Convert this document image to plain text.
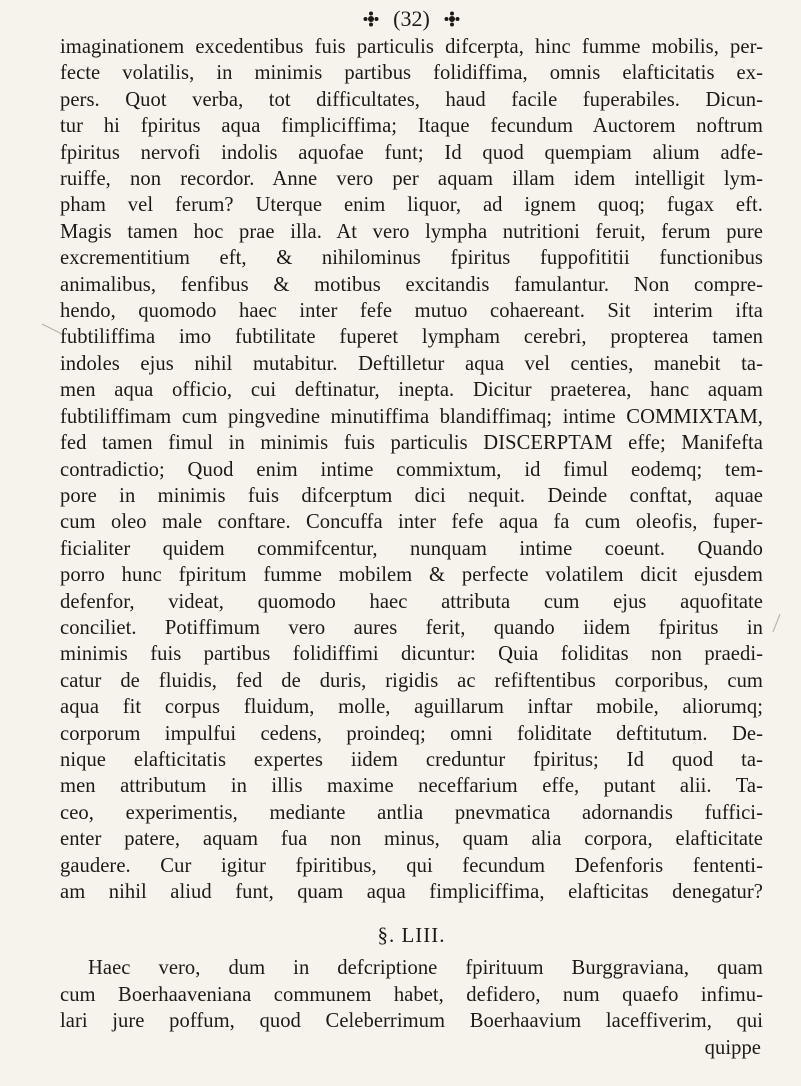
(32)

imaginationem excedentibus fuis particulis difcerpta, hinc fumme mobilis, per-

fecte volatilis, in minimis partibus folidiffima, omnis elafticitatis ex-

pers. Quot verba, tot difficultates, haud facile fuperabiles. Dicun-

tur hi fpiritus aqua fimpliciffima; Itaque fecundum Auctorem noftrum

fpiritus nervofi indolis aquofae funt; Id quod quempiam alium adfe-

ruiffe, non recordor. Anne vero per aquam illam idem intelligit lym-

pham vel ferum? Uterque enim liquor, ad ignem quoq; fugax eft.

Magis tamen hoc prae illa. At vero lympha nutritioni feruit, ferum pure

excrementitium eft, & nihilominus fpiritus fuppofititii functionibus

animalibus, fenfibus & motibus excitandis famulantur. Non compre-

hendo, quomodo haec inter fefe mutuo cohaereant. Sit interim ifta

fubtiliffima imo fubtilitate fuperet lympham cerebri, propterea tamen

indoles ejus nihil mutabitur. Deftilletur aqua vel centies, manebit ta-

men aqua officio, cui deftinatur, inepta. Dicitur praeterea, hanc aquam

fubtiliffimam cum pingvedine minutiffima blandiffimaq; intime COMMIXTAM,

fed tamen fimul in minimis fuis particulis DISCERPTAM effe; Manifefta

contradictio; Quod enim intime commixtum, id fimul eodemq; tem-

pore in minimis fuis difcerptum dici nequit. Deinde conftat, aquae

cum oleo male conftare. Concuffa inter fefe aqua fa cum oleofis, fuper-

ficialiter quidem commifcentur, nunquam intime coeunt. Quando

porro hunc fpiritum fumme mobilem & perfecte volatilem dicit ejusdem

defenfor, videat, quomodo haec attributa cum ejus aquofitate

conciliet. Potiffimum vero aures ferit, quando iidem fpiritus in

minimis fuis partibus folidiffimi dicuntur: Quia foliditas non praedi-

catur de fluidis, fed de duris, rigidis ac refiftentibus corporibus, cum

aqua fit corpus fluidum, molle, aguillarum inftar mobile, aliorumq;

corporum impulfui cedens, proindeq; omni foliditate deftitutum. De-

nique elafticitatis expertes iidem creduntur fpiritus; Id quod ta-

men attributum in illis maxime neceffarium effe, putant alii. Ta-

ceo, experimentis, mediante antlia pnevmatica adornandis fuffici-

enter patere, aquam fua non minus, quam alia corpora, elafticitate

gaudere. Cur igitur fpiritibus, qui fecundum Defenforis fententi-

am nihil aliud funt, quam aqua fimpliciffima, elafticitas denegatur?

§. LIII.

Haec vero, dum in defcriptione fpirituum Burggraviana, quam

cum Boerhaaveniana communem habet, defidero, num quaefo infimu-

lari jure poffum, quod Celeberrimum Boerhaavium laceffiverim, qui

quippe
